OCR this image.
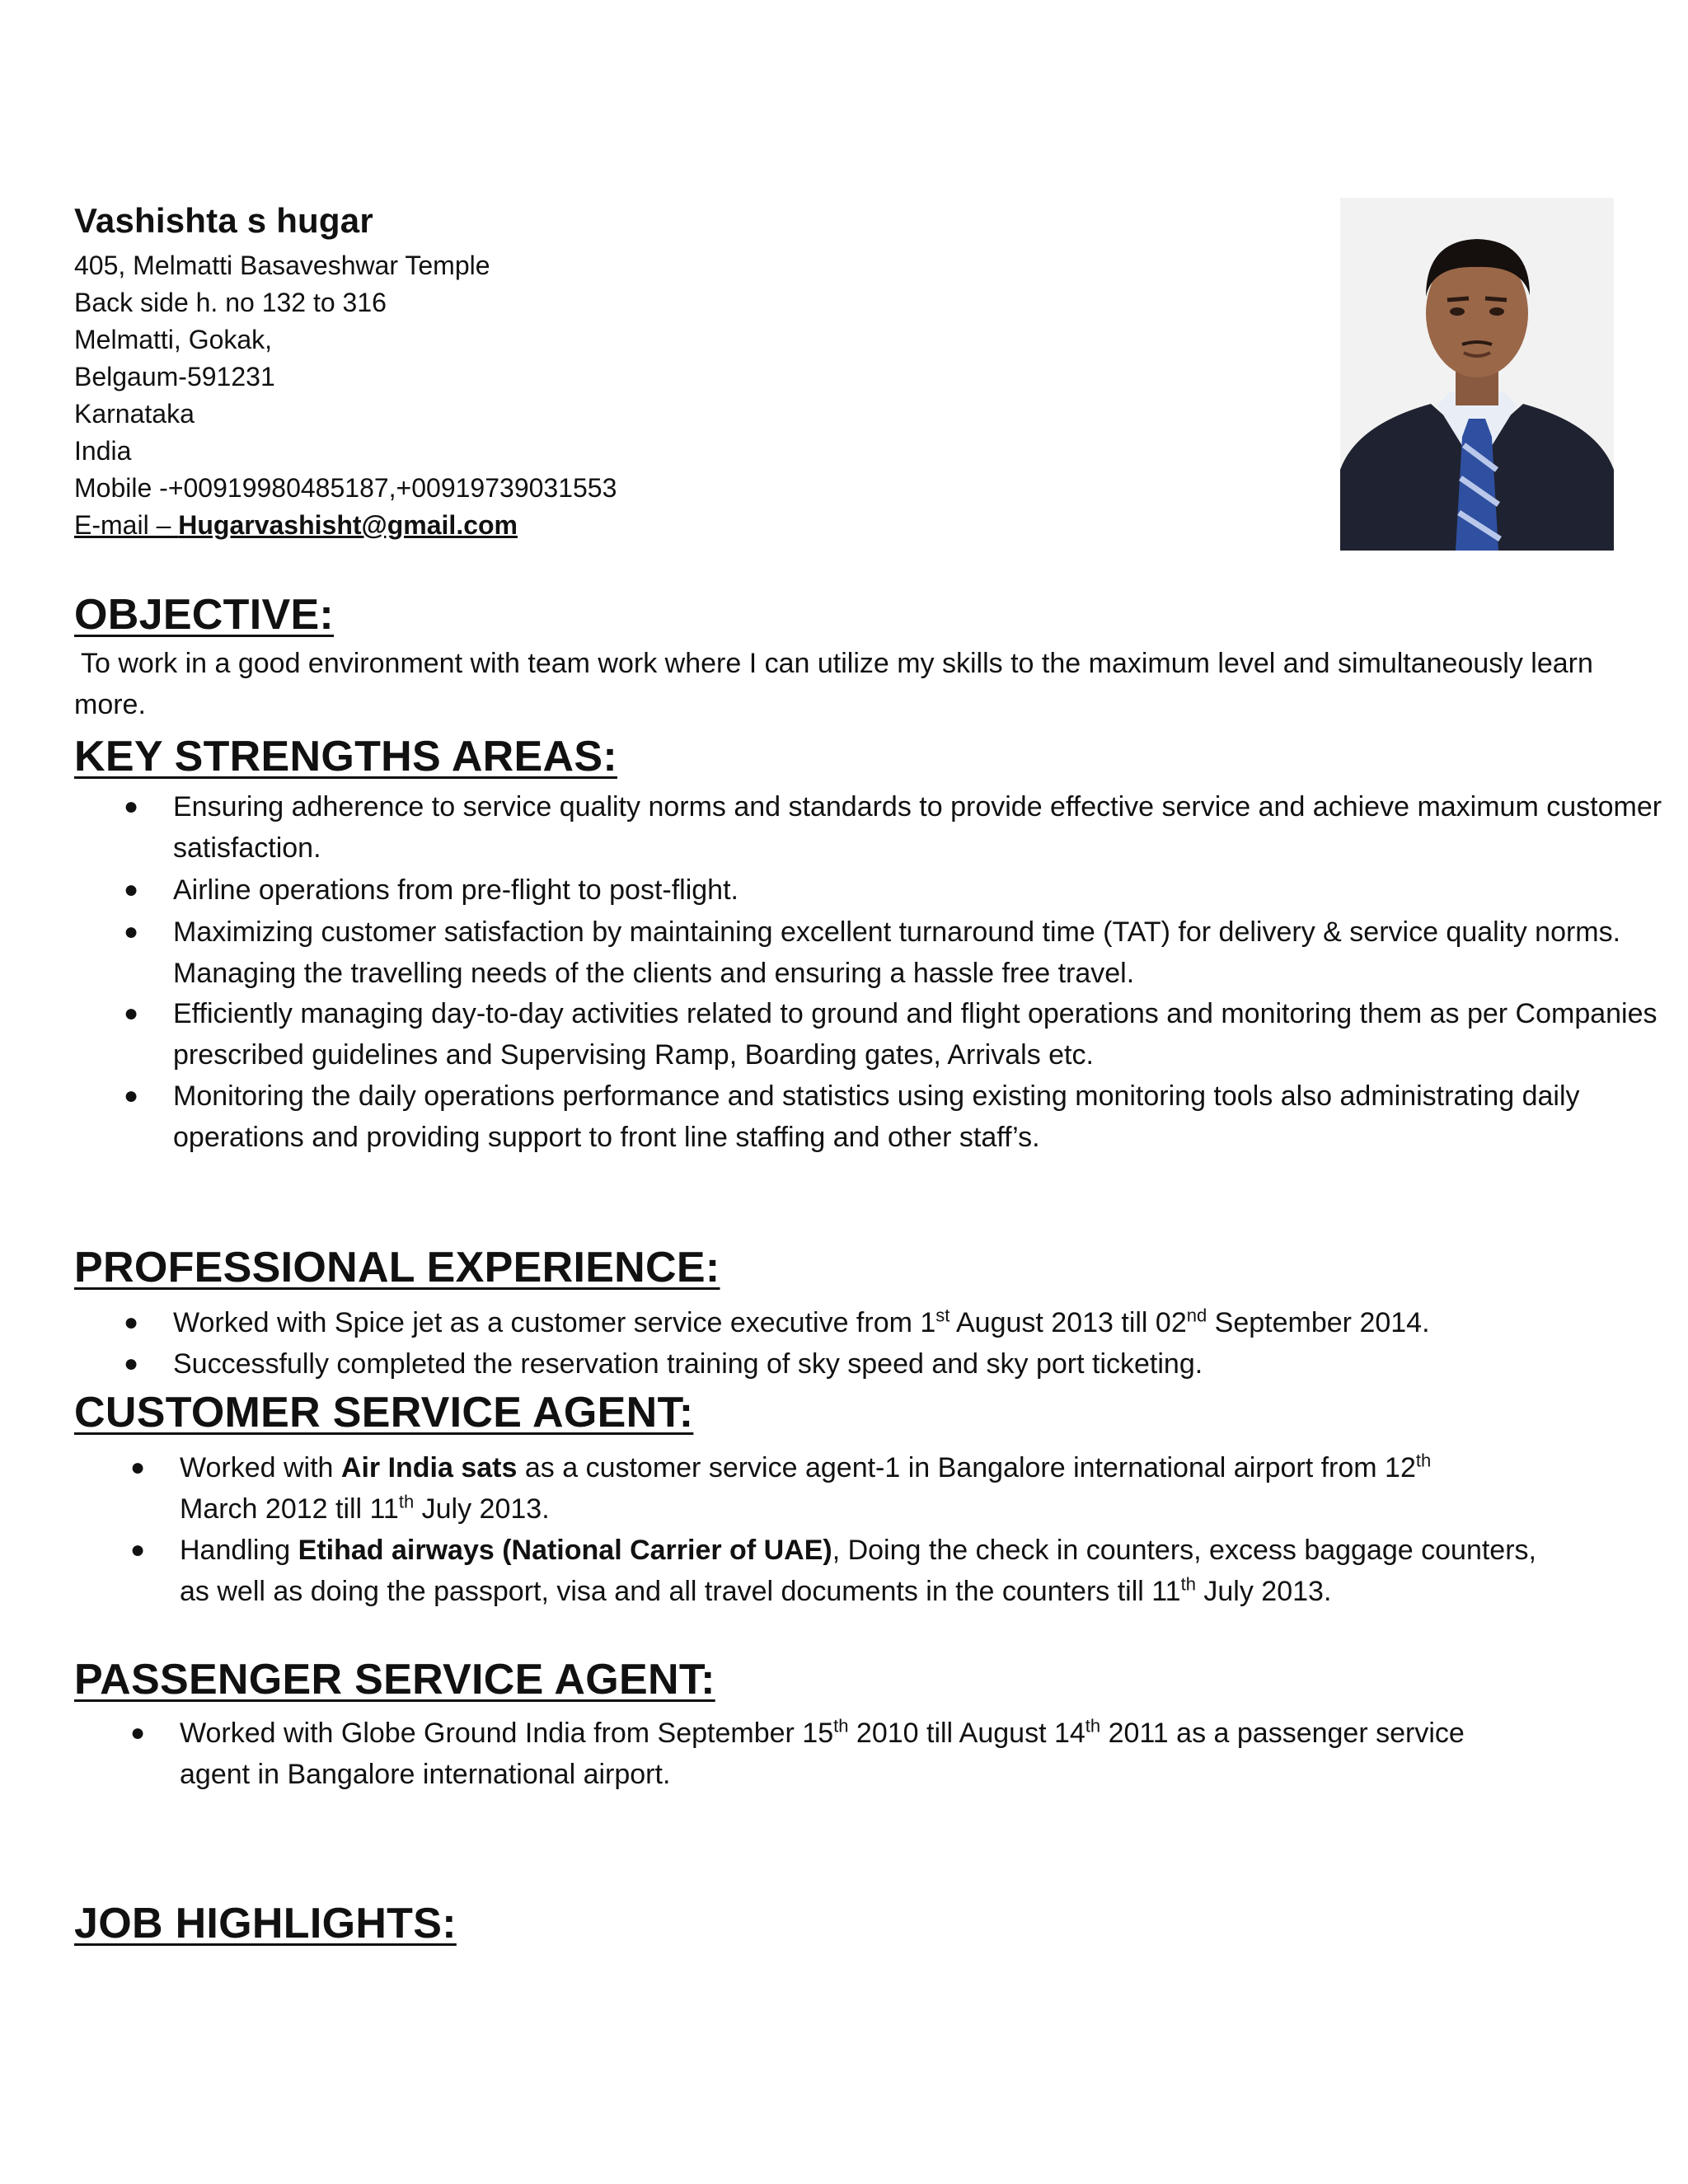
Vashishta s hugar
405, Melmatti Basaveshwar Temple
Back side h. no 132 to 316
Melmatti, Gokak,
Belgaum-591231
Karnataka
India
Mobile -+00919980485187,+00919739031553
E-mail – Hugarvashisht@gmail.com
OBJECTIVE:
To work in a good environment with team work where I can utilize my skills to the maximum level and simultaneously learn more.
KEY STRENGTHS AREAS:
● Ensuring adherence to service quality norms and standards to provide effective service and achieve maximum customer satisfaction.
● Airline operations from pre-flight to post-flight.
● Maximizing customer satisfaction by maintaining excellent turnaround time (TAT) for delivery & service quality norms. Managing the travelling needs of the clients and ensuring a hassle free travel.
● Efficiently managing day-to-day activities related to ground and flight operations and monitoring them as per Companies prescribed guidelines and Supervising Ramp, Boarding gates, Arrivals etc.
● Monitoring the daily operations performance and statistics using existing monitoring tools also administrating daily operations and providing support to front line staffing and other staff’s.
PROFESSIONAL EXPERIENCE:
● Worked with Spice jet as a customer service executive from 1st August 2013 till 02nd September 2014.
● Successfully completed the reservation training of sky speed and sky port ticketing.
CUSTOMER SERVICE AGENT:
● Worked with Air India sats as a customer service agent-1 in Bangalore international airport from 12th
March 2012 till 11th July 2013.
● Handling Etihad airways (National Carrier of UAE), Doing the check in counters, excess baggage counters,
as well as doing the passport, visa and all travel documents in the counters till 11th July 2013.
PASSENGER SERVICE AGENT:
● Worked with Globe Ground India from September 15th 2010 till August 14th 2011 as a passenger service
agent in Bangalore international airport.
JOB HIGHLIGHTS:
